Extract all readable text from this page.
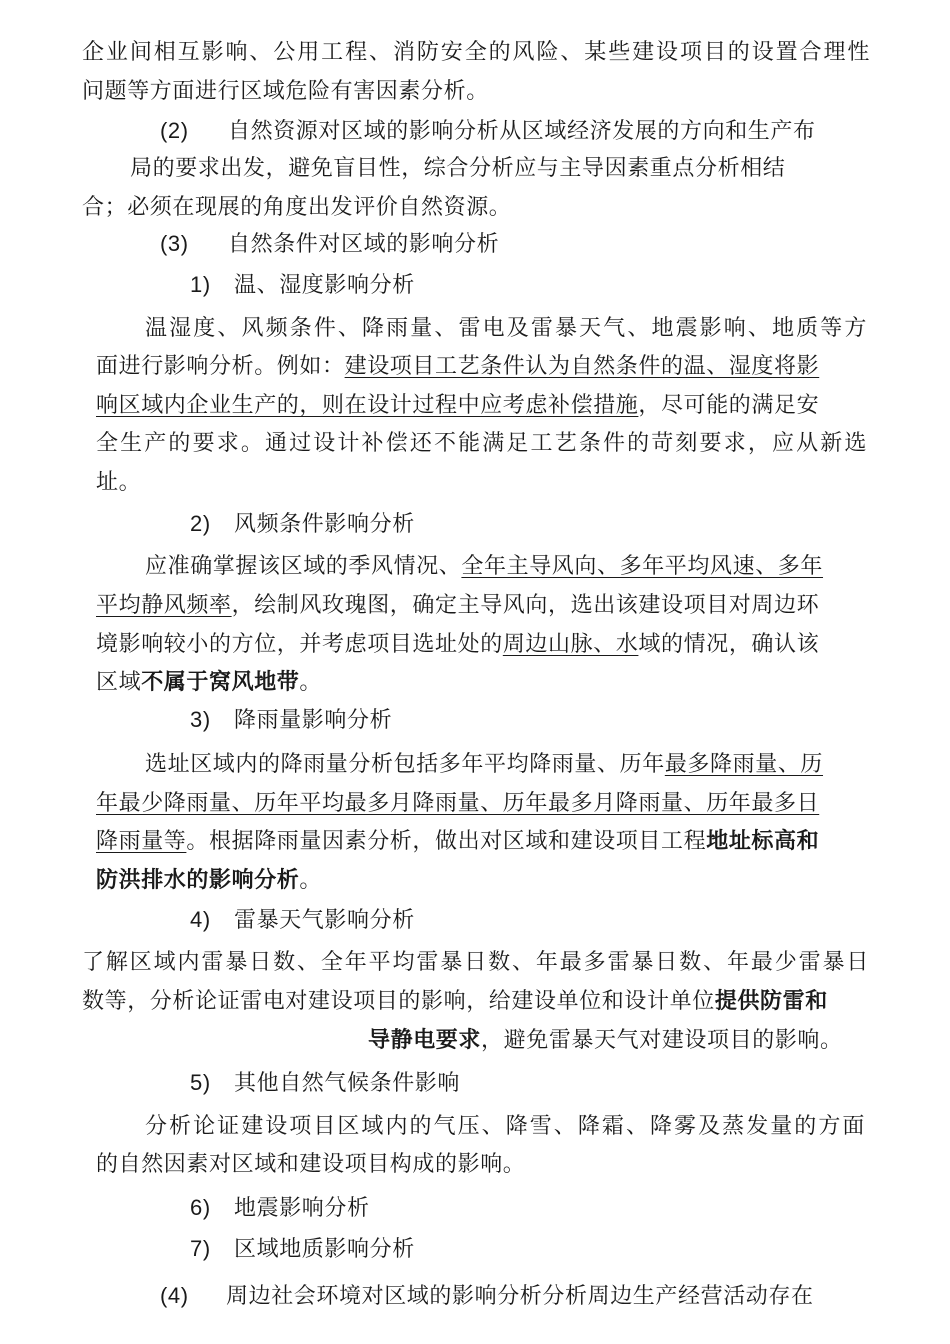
企业间相互影响、公用工程、消防安全的风险、某些建设项目的设置合理性
问题等方面进行区域危险有害因素分析。
(2) 自然资源对区域的影响分析从区域经济发展的方向和生产布
局的要求出发，避免盲目性，综合分析应与主导因素重点分析相结
合；必须在现展的角度出发评价自然资源。
(3) 自然条件对区域的影响分析
1) 温、湿度影响分析
温湿度、风频条件、降雨量、雷电及雷暴天气、地震影响、地质等方
面进行影响分析。例如：建设项目工艺条件认为自然条件的温、湿度将影
响区域内企业生产的，则在设计过程中应考虑补偿措施，尽可能的满足安
全生产的要求。通过设计补偿还不能满足工艺条件的苛刻要求，应从新选
址。
2) 风频条件影响分析
应准确掌握该区域的季风情况、全年主导风向、多年平均风速、多年
平均静风频率，绘制风玫瑰图，确定主导风向，选出该建设项目对周边环
境影响较小的方位，并考虑项目选址处的周边山脉、水域的情况，确认该
区域不属于窝风地带。
3) 降雨量影响分析
选址区域内的降雨量分析包括多年平均降雨量、历年最多降雨量、历
年最少降雨量、历年平均最多月降雨量、历年最多月降雨量、历年最多日
降雨量等。根据降雨量因素分析，做出对区域和建设项目工程地址标高和
防洪排水的影响分析。
4) 雷暴天气影响分析
了解区域内雷暴日数、全年平均雷暴日数、年最多雷暴日数、年最少雷暴日
数等，分析论证雷电对建设项目的影响，给建设单位和设计单位提供防雷和
导静电要求，避免雷暴天气对建设项目的影响。
5) 其他自然气候条件影响
分析论证建设项目区域内的气压、降雪、降霜、降雾及蒸发量的方面
的自然因素对区域和建设项目构成的影响。
6) 地震影响分析
7) 区域地质影响分析
(4) 周边社会环境对区域的影响分析分析周边生产经营活动存在
